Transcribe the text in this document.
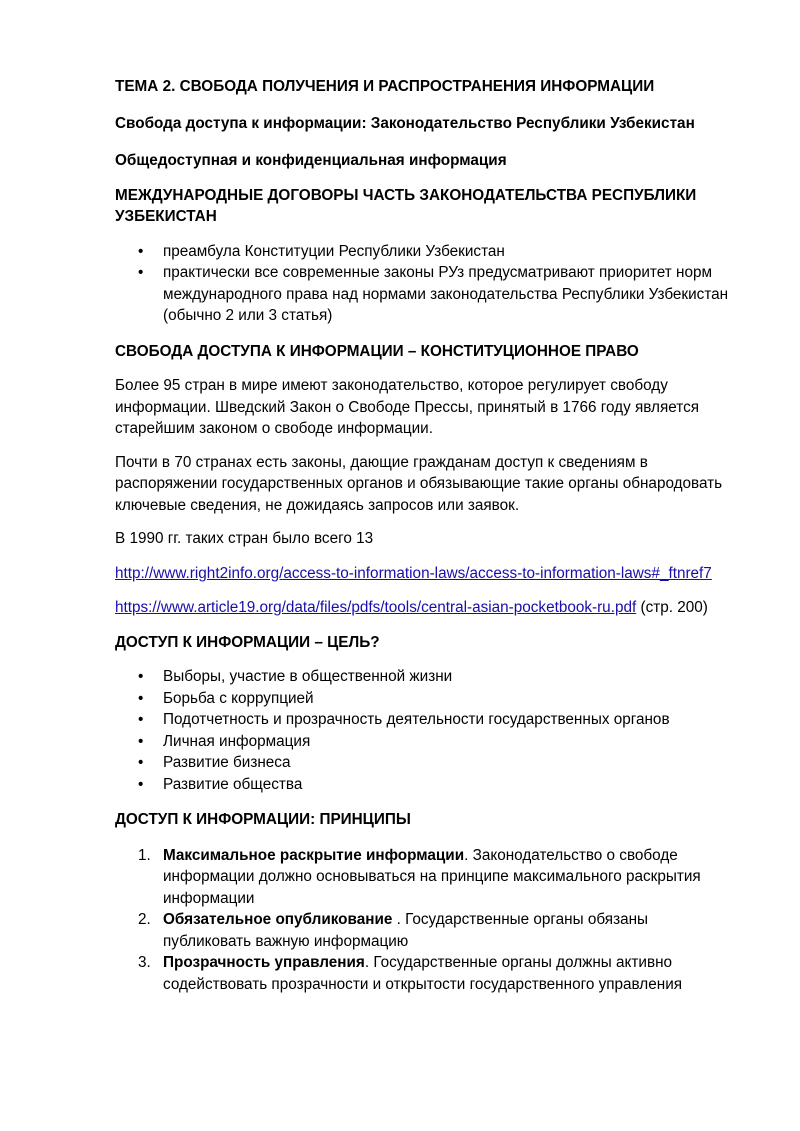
ТЕМА 2. СВОБОДА ПОЛУЧЕНИЯ И РАСПРОСТРАНЕНИЯ ИНФОРМАЦИИ

Свобода доступа к информации: Законодательство Республики Узбекистан

Общедоступная и конфиденциальная информация

МЕЖДУНАРОДНЫЕ ДОГОВОРЫ ЧАСТЬ ЗАКОНОДАТЕЛЬСТВА РЕСПУБЛИКИ УЗБЕКИСТАН

• преамбула Конституции Республики Узбекистан
• практически все современные законы РУз предусматривают приоритет норм международного права над нормами законодательства Республики Узбекистан (обычно 2 или 3 статья)

СВОБОДА ДОСТУПА К ИНФОРМАЦИИ – КОНСТИТУЦИОННОЕ ПРАВО

Более 95 стран в мире имеют законодательство, которое регулирует свободу информации. Шведский Закон о Свободе Прессы, принятый в 1766 году является старейшим законом о свободе информации.

Почти в 70 странах есть законы, дающие гражданам доступ к сведениям в распоряжении государственных органов и обязывающие такие органы обнародовать ключевые сведения, не дожидаясь запросов или заявок.

В 1990 гг. таких стран было всего 13

http://www.right2info.org/access-to-information-laws/access-to-information-laws#_ftnref7

https://www.article19.org/data/files/pdfs/tools/central-asian-pocketbook-ru.pdf (стр. 200)

ДОСТУП К ИНФОРМАЦИИ – ЦЕЛЬ?

• Выборы, участие в общественной жизни
• Борьба с коррупцией
• Подотчетность и прозрачность деятельности государственных органов
• Личная информация
• Развитие бизнеса
• Развитие общества

ДОСТУП К ИНФОРМАЦИИ: ПРИНЦИПЫ

1. Максимальное раскрытие информации. Законодательство о свободе информации должно основываться на принципе максимального раскрытия информации
2. Обязательное опубликование . Государственные органы обязаны публиковать важную информацию
3. Прозрачность управления. Государственные органы должны активно содействовать прозрачности и открытости государственного управления
